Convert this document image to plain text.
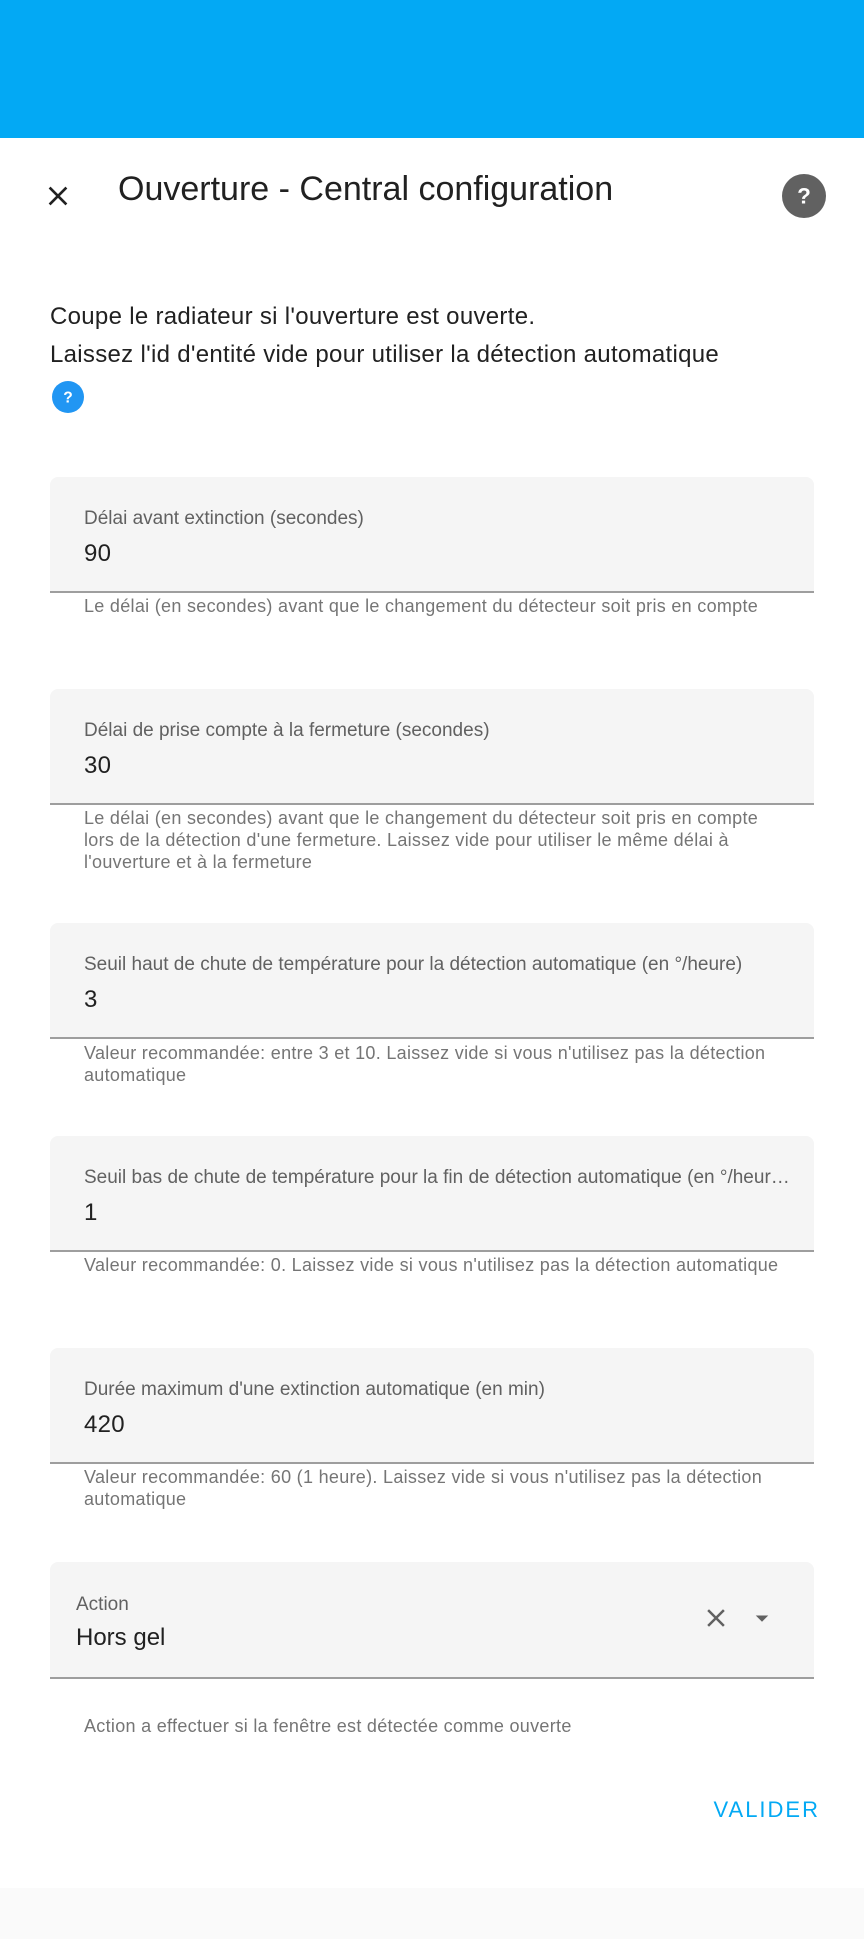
Ouverture - Central configuration	?
Coupe le radiateur si l'ouverture est ouverte.
Laissez l'id d'entité vide pour utiliser la détection automatique
?
Délai avant extinction (secondes)
90
Le délai (en secondes) avant que le changement du détecteur soit pris en compte
Délai de prise compte à la fermeture (secondes)
30
Le délai (en secondes) avant que le changement du détecteur soit pris en compte lors de la détection d'une fermeture. Laissez vide pour utiliser le même délai à l'ouverture et à la fermeture
Seuil haut de chute de température pour la détection automatique (en °/heure)
3
Valeur recommandée: entre 3 et 10. Laissez vide si vous n'utilisez pas la détection automatique
Seuil bas de chute de température pour la fin de détection automatique (en °/heur…
1
Valeur recommandée: 0. Laissez vide si vous n'utilisez pas la détection automatique
Durée maximum d'une extinction automatique (en min)
420
Valeur recommandée: 60 (1 heure). Laissez vide si vous n'utilisez pas la détection automatique
Action
Hors gel
Action a effectuer si la fenêtre est détectée comme ouverte
VALIDER
